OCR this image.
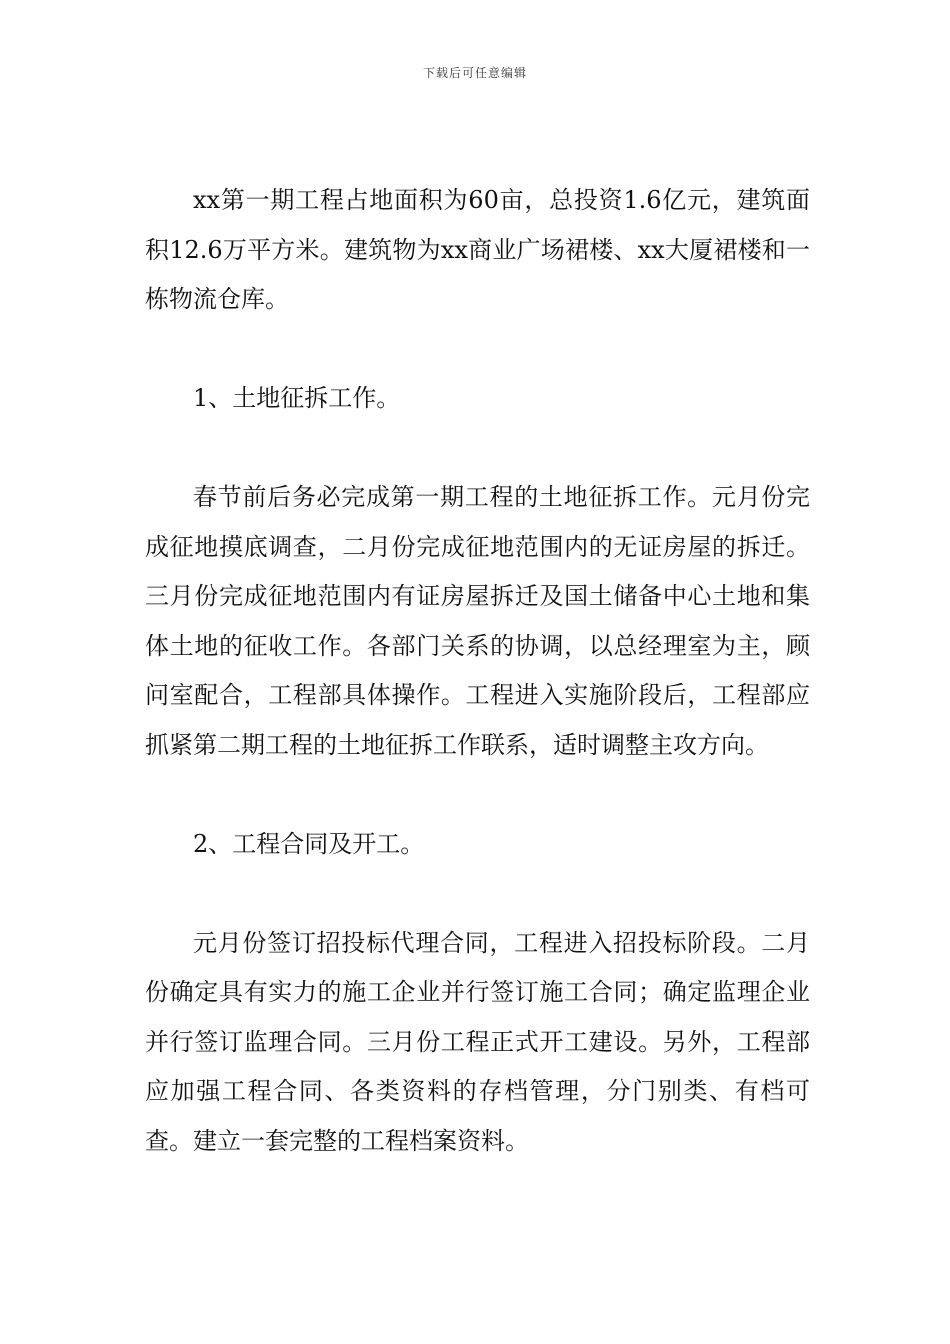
下载后可任意编辑

xx第一期工程占地面积为60亩，总投资1.6亿元，建筑面积12.6万平方米。建筑物为xx商业广场裙楼、xx大厦裙楼和一栋物流仓库。

1、土地征拆工作。

春节前后务必完成第一期工程的土地征拆工作。元月份完成征地摸底调查，二月份完成征地范围内的无证房屋的拆迁。三月份完成征地范围内有证房屋拆迁及国土储备中心土地和集体土地的征收工作。各部门关系的协调，以总经理室为主，顾问室配合，工程部具体操作。工程进入实施阶段后，工程部应抓紧第二期工程的土地征拆工作联系，适时调整主攻方向。

2、工程合同及开工。

元月份签订招投标代理合同，工程进入招投标阶段。二月份确定具有实力的施工企业并行签订施工合同；确定监理企业并行签订监理合同。三月份工程正式开工建设。另外，工程部应加强工程合同、各类资料的存档管理，分门别类、有档可查。建立一套完整的工程档案资料。
